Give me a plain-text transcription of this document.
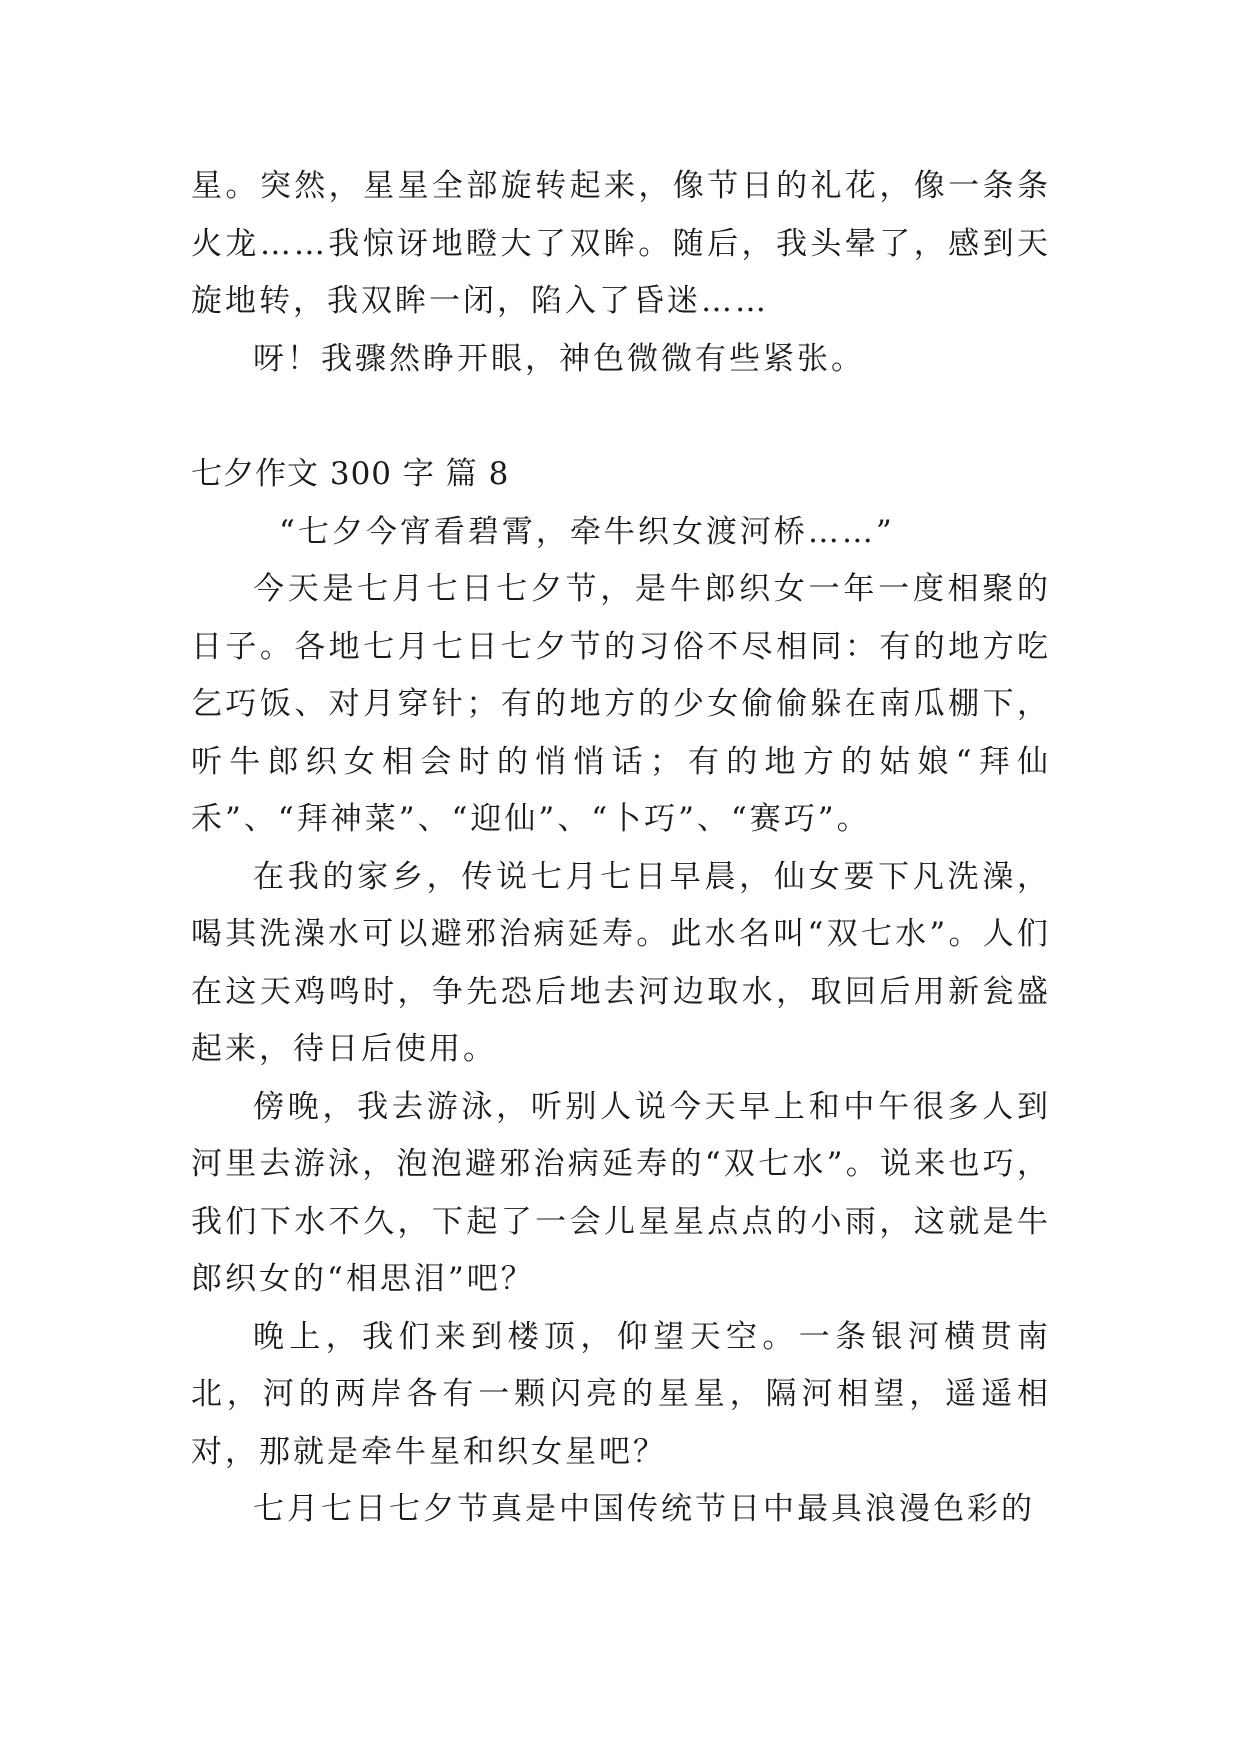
星。突然，星星全部旋转起来，像节日的礼花，像一条条火龙……我惊讶地瞪大了双眸。随后，我头晕了，感到天旋地转，我双眸一闭，陷入了昏迷……

呀！我骤然睁开眼，神色微微有些紧张。

七夕作文 300 字 篇 8

“七夕今宵看碧霄，牵牛织女渡河桥……”

今天是七月七日七夕节，是牛郎织女一年一度相聚的日子。各地七月七日七夕节的习俗不尽相同：有的地方吃乞巧饭、对月穿针；有的地方的少女偷偷躲在南瓜棚下，听牛郎织女相会时的悄悄话；有的地方的姑娘“拜仙禾”、“拜神菜”、“迎仙”、“卜巧”、“赛巧”。

在我的家乡，传说七月七日早晨，仙女要下凡洗澡，喝其洗澡水可以避邪治病延寿。此水名叫“双七水”。人们在这天鸡鸣时，争先恐后地去河边取水，取回后用新瓮盛起来，待日后使用。

傍晚，我去游泳，听别人说今天早上和中午很多人到河里去游泳，泡泡避邪治病延寿的“双七水”。说来也巧，我们下水不久，下起了一会儿星星点点的小雨，这就是牛郎织女的“相思泪”吧？

晚上，我们来到楼顶，仰望天空。一条银河横贯南北，河的两岸各有一颗闪亮的星星，隔河相望，遥遥相对，那就是牵牛星和织女星吧？

七月七日七夕节真是中国传统节日中最具浪漫色彩的
